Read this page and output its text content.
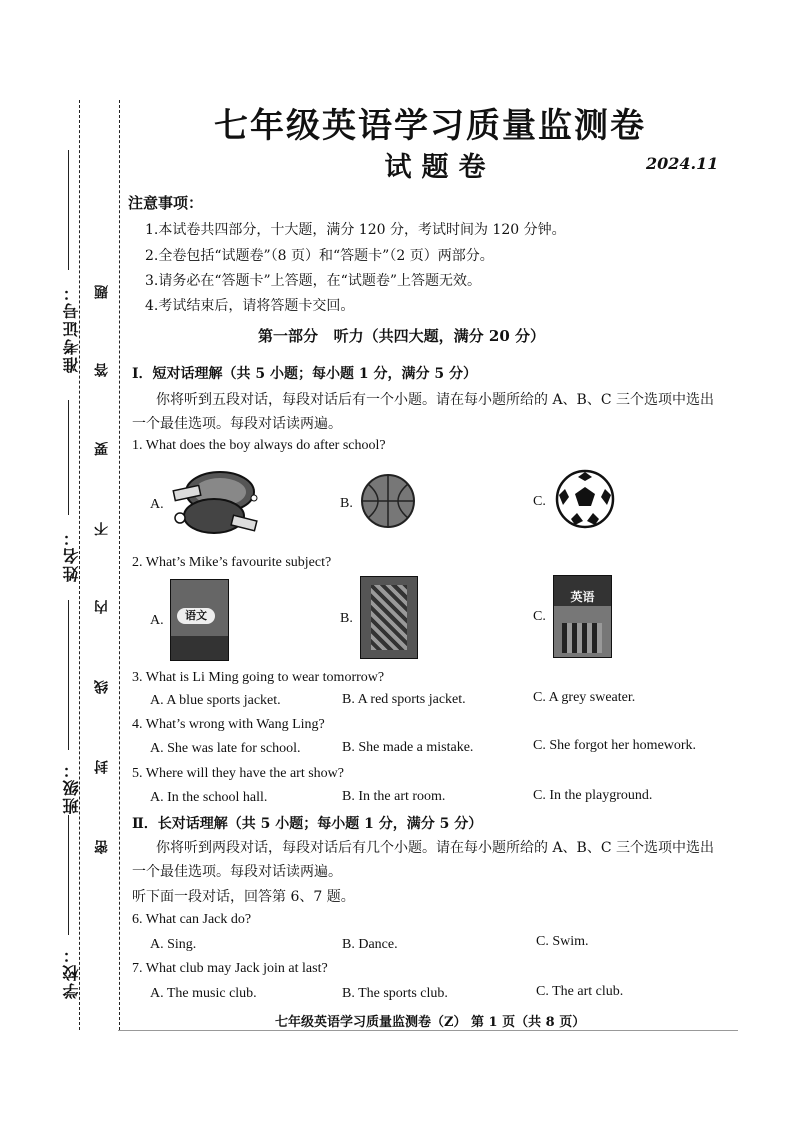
准考证号：
姓名：
班级：
学校：
密
封
线
内
不
要
答
题
七年级英语学习质量监测卷
试题卷	2024.11
注意事项：
1.本试卷共四部分，十大题，满分 120 分，考试时间为 120 分钟。
2.全卷包括“试题卷”（8 页）和“答题卡”（2 页）两部分。
3.请务必在“答题卡”上答题，在“试题卷”上答题无效。
4.考试结束后，请将答题卡交回。
第一部分   听力（共四大题，满分 20 分）
Ⅰ．短对话理解（共 5 小题；每小题 1 分，满分 5 分）
你将听到五段对话，每段对话后有一个小题。请在每小题所给的 A、B、C 三个选项中选出
一个最佳选项。每段对话读两遍。
1. What does the boy always do after school?
A.	B.	C.
2. What’s Mike’s favourite subject?
A.	语文	B.	C.
英语
3. What is Li Ming going to wear tomorrow?
A. A blue sports jacket.	B. A red sports jacket.	C. A grey sweater.
4. What’s wrong with Wang Ling?
A. She was late for school.	B. She made a mistake.	C. She forgot her homework.
5. Where will they have the art show?
A. In the school hall.	B. In the art room.	C. In the playground.
Ⅱ．长对话理解（共 5 小题；每小题 1 分，满分 5 分）
你将听到两段对话，每段对话后有几个小题。请在每小题所给的 A、B、C 三个选项中选出
一个最佳选项。每段对话读两遍。
听下面一段对话，回答第 6、7 题。
6. What can Jack do?
A. Sing.	B. Dance.	C. Swim.
7. What club may Jack join at last?
A. The music club.	B. The sports club.	C. The art club.
七年级英语学习质量监测卷（Z） 第 1 页（共 8 页）
